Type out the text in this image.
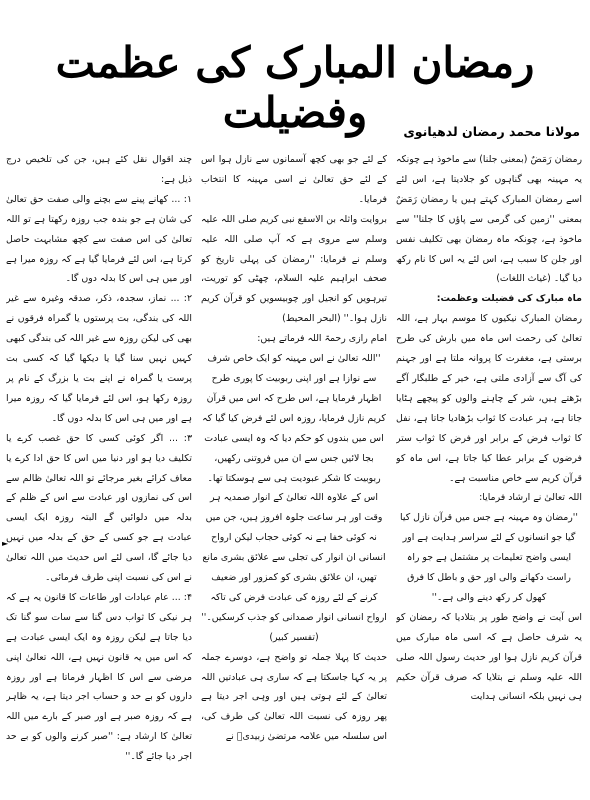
رمضان المبارک کی عظمت وفضیلت	مولانا محمد رمضان لدھیانوی

رمضان رَمَضٌ (بمعنی جلنا) سے ماخوذ ہے چونکہ یہ مہینہ بھی گناہوں کو جلادیتا ہے، اس لئے اسے رمضان المبارک کہتے ہیں یا رمضان رَمَضٌ بمعنی ''زمین کی گرمی سے پاؤں کا جلنا'' سے ماخوذ ہے، چونکہ ماہ رمضان بھی تکلیف نفس اور جلن کا سبب ہے، اس لئے یہ اس کا نام رکھ دیا گیا۔ (غیاث اللغات)

ماہ مبارک کی فضیلت وعظمت:

رمضان المبارک نیکیوں کا موسم بہار ہے، اللہ تعالیٰ کی رحمت اس ماہ میں بارش کی طرح برستی ہے، مغفرت کا پروانہ ملتا ہے اور جہنم کی آگ سے آزادی ملتی ہے، خیر کے طلبگار آگے بڑھتے ہیں، شر کے چاہنے والوں کو پیچھے ہٹایا جاتا ہے، ہر عبادت کا ثواب بڑھادیا جاتا ہے، نفل کا ثواب فرض کے برابر اور فرض کا ثواب ستر فرضوں کے برابر عطا کیا جاتا ہے، اس ماہ کو قرآن کریم سے خاص مناسبت ہے۔

اللہ تعالیٰ نے ارشاد فرمایا:

''رمضان وہ مہینہ ہے جس میں قرآن نازل کیا گیا جو انسانوں کے لئے سراسر ہدایت ہے اور ایسی واضح تعلیمات پر مشتمل ہے جو راہ راست دکھانے والی اور حق و باطل کا فرق کھول کر رکھ دینے والی ہے۔''

اس آیت نے واضح طور پر بتلادیا کہ رمضان کو یہ شرف حاصل ہے کہ اسی ماہ مبارک میں قرآن کریم نازل ہوا اور حدیث رسول اللہ صلی اللہ علیہ وسلم نے بتلایا کہ صرف قرآن حکیم ہی نہیں بلکہ انسانی ہدایت

کے لئے جو بھی کچھ آسمانوں سے نازل ہوا اس کے لئے حق تعالیٰ نے اسی مہینہ کا انتخاب فرمایا۔

بروایت واثلہ بن الاسقع نبی کریم صلی اللہ علیہ وسلم سے مروی ہے کہ آپ صلی اللہ علیہ وسلم نے فرمایا: ''رمضان کی پہلی تاریخ کو صحف ابراہیم علیہ السلام، چھٹی کو توریت، تیرہویں کو انجیل اور چوبیسویں کو قرآن کریم نازل ہوا۔'' (البحر المحیط)

امام رازی رحمۃ اللہ فرماتے ہیں:

''اللہ تعالیٰ نے اس مہینہ کو ایک خاص شرف سے نوازا ہے اور اپنی ربوبیت کا پوری طرح اظہار فرمایا ہے، اس طرح کہ اس میں قرآن کریم نازل فرمایا، روزہ اس لئے فرض کیا گیا کہ اس میں بندوں کو حکم دیا کہ وہ ایسی عبادت بجا لائیں جس سے ان میں فروتنی رکھیں، ربوبیت کا شکر عبودیت ہی سے ہوسکتا تھا۔ اس کے علاوہ اللہ تعالیٰ کے انوار صمدیہ ہر وقت اور ہر ساعت جلوہ افروز ہیں، جن میں نہ کوئی خفا ہے نہ کوئی حجاب لیکن ارواح انسانی ان انوار کی تجلی سے علائق بشری مانع تھیں، ان علائق بشری کو کمزور اور ضعیف کرنے کے لئے روزہ کی عبادت فرض کی تاکہ ارواح انسانی انوار صمدانی کو جذب کرسکیں۔'' (تفسیر کبیر)

حدیث کا پہلا جملہ تو واضح ہے، دوسرے جملہ پر یہ کہا جاسکتا ہے کہ ساری ہی عبادتیں اللہ تعالیٰ کے لئے ہوتی ہیں اور وہی اجر دیتا ہے پھر روزہ کی نسبت اللہ تعالیٰ کی طرف کی، اس سلسلہ میں علامہ مرتضیٰ زبیدیؒ نے

چند اقوال نقل کئے ہیں، جن کی تلخیص درج ذیل ہے:

۱: ... کھانے پینے سے بچنے والی صفت حق تعالیٰ کی شان ہے جو بندہ جب روزہ رکھتا ہے تو اللہ تعالیٰ کی اس صفت سے کچھ مشابہت حاصل کرتا ہے، اس لئے فرمایا گیا ہے کہ روزہ میرا ہے اور میں ہی اس کا بدلہ دوں گا۔

۲: ... نماز، سجدہ، ذکر، صدقہ وغیرہ سے غیر اللہ کی بندگی، بت پرستوں یا گمراہ فرقوں نے بھی کی لیکن روزہ سے غیر اللہ کی بندگی کبھی کہیں نہیں سنا گیا یا دیکھا گیا کہ کسی بت پرست یا گمراہ نے اپنے بت یا بزرگ کے نام پر روزہ رکھا ہو، اس لئے فرمایا گیا کہ روزہ میرا ہے اور میں ہی اس کا بدلہ دوں گا۔

۳: ... اگر کوئی کسی کا حق غصب کرے یا تکلیف دیا ہو اور دنیا میں اس کا حق ادا کرے یا معاف کرائے بغیر مرجائے تو اللہ تعالیٰ ظالم سے اس کی نمازوں اور عبادت سے اس کے ظلم کے بدلہ میں دلوائیں گے البتہ روزہ ایک ایسی عبادت ہے جو کسی کے حق کے بدلہ میں نہیں دیا جائے گا، اسی لئے اس حدیث میں اللہ تعالیٰ نے اس کی نسبت اپنی طرف فرمائی۔

۴: ... عام عبادات اور طاعات کا قانون یہ ہے کہ ہر نیکی کا ثواب دس گنا سے سات سو گنا تک دیا جاتا ہے لیکن روزہ وہ ایک ایسی عبادت ہے کہ اس میں یہ قانون نہیں ہے، اللہ تعالیٰ اپنی مرضی سے اس کا اظہار فرماتا ہے اور روزہ داروں کو بے حد و حساب اجر دیتا ہے، یہ ظاہر ہے کہ روزہ صبر ہے اور صبر کے بارے میں اللہ تعالیٰ کا ارشاد ہے: ''صبر کرنے والوں کو بے حد اجر دیا جائے گا۔''

►
